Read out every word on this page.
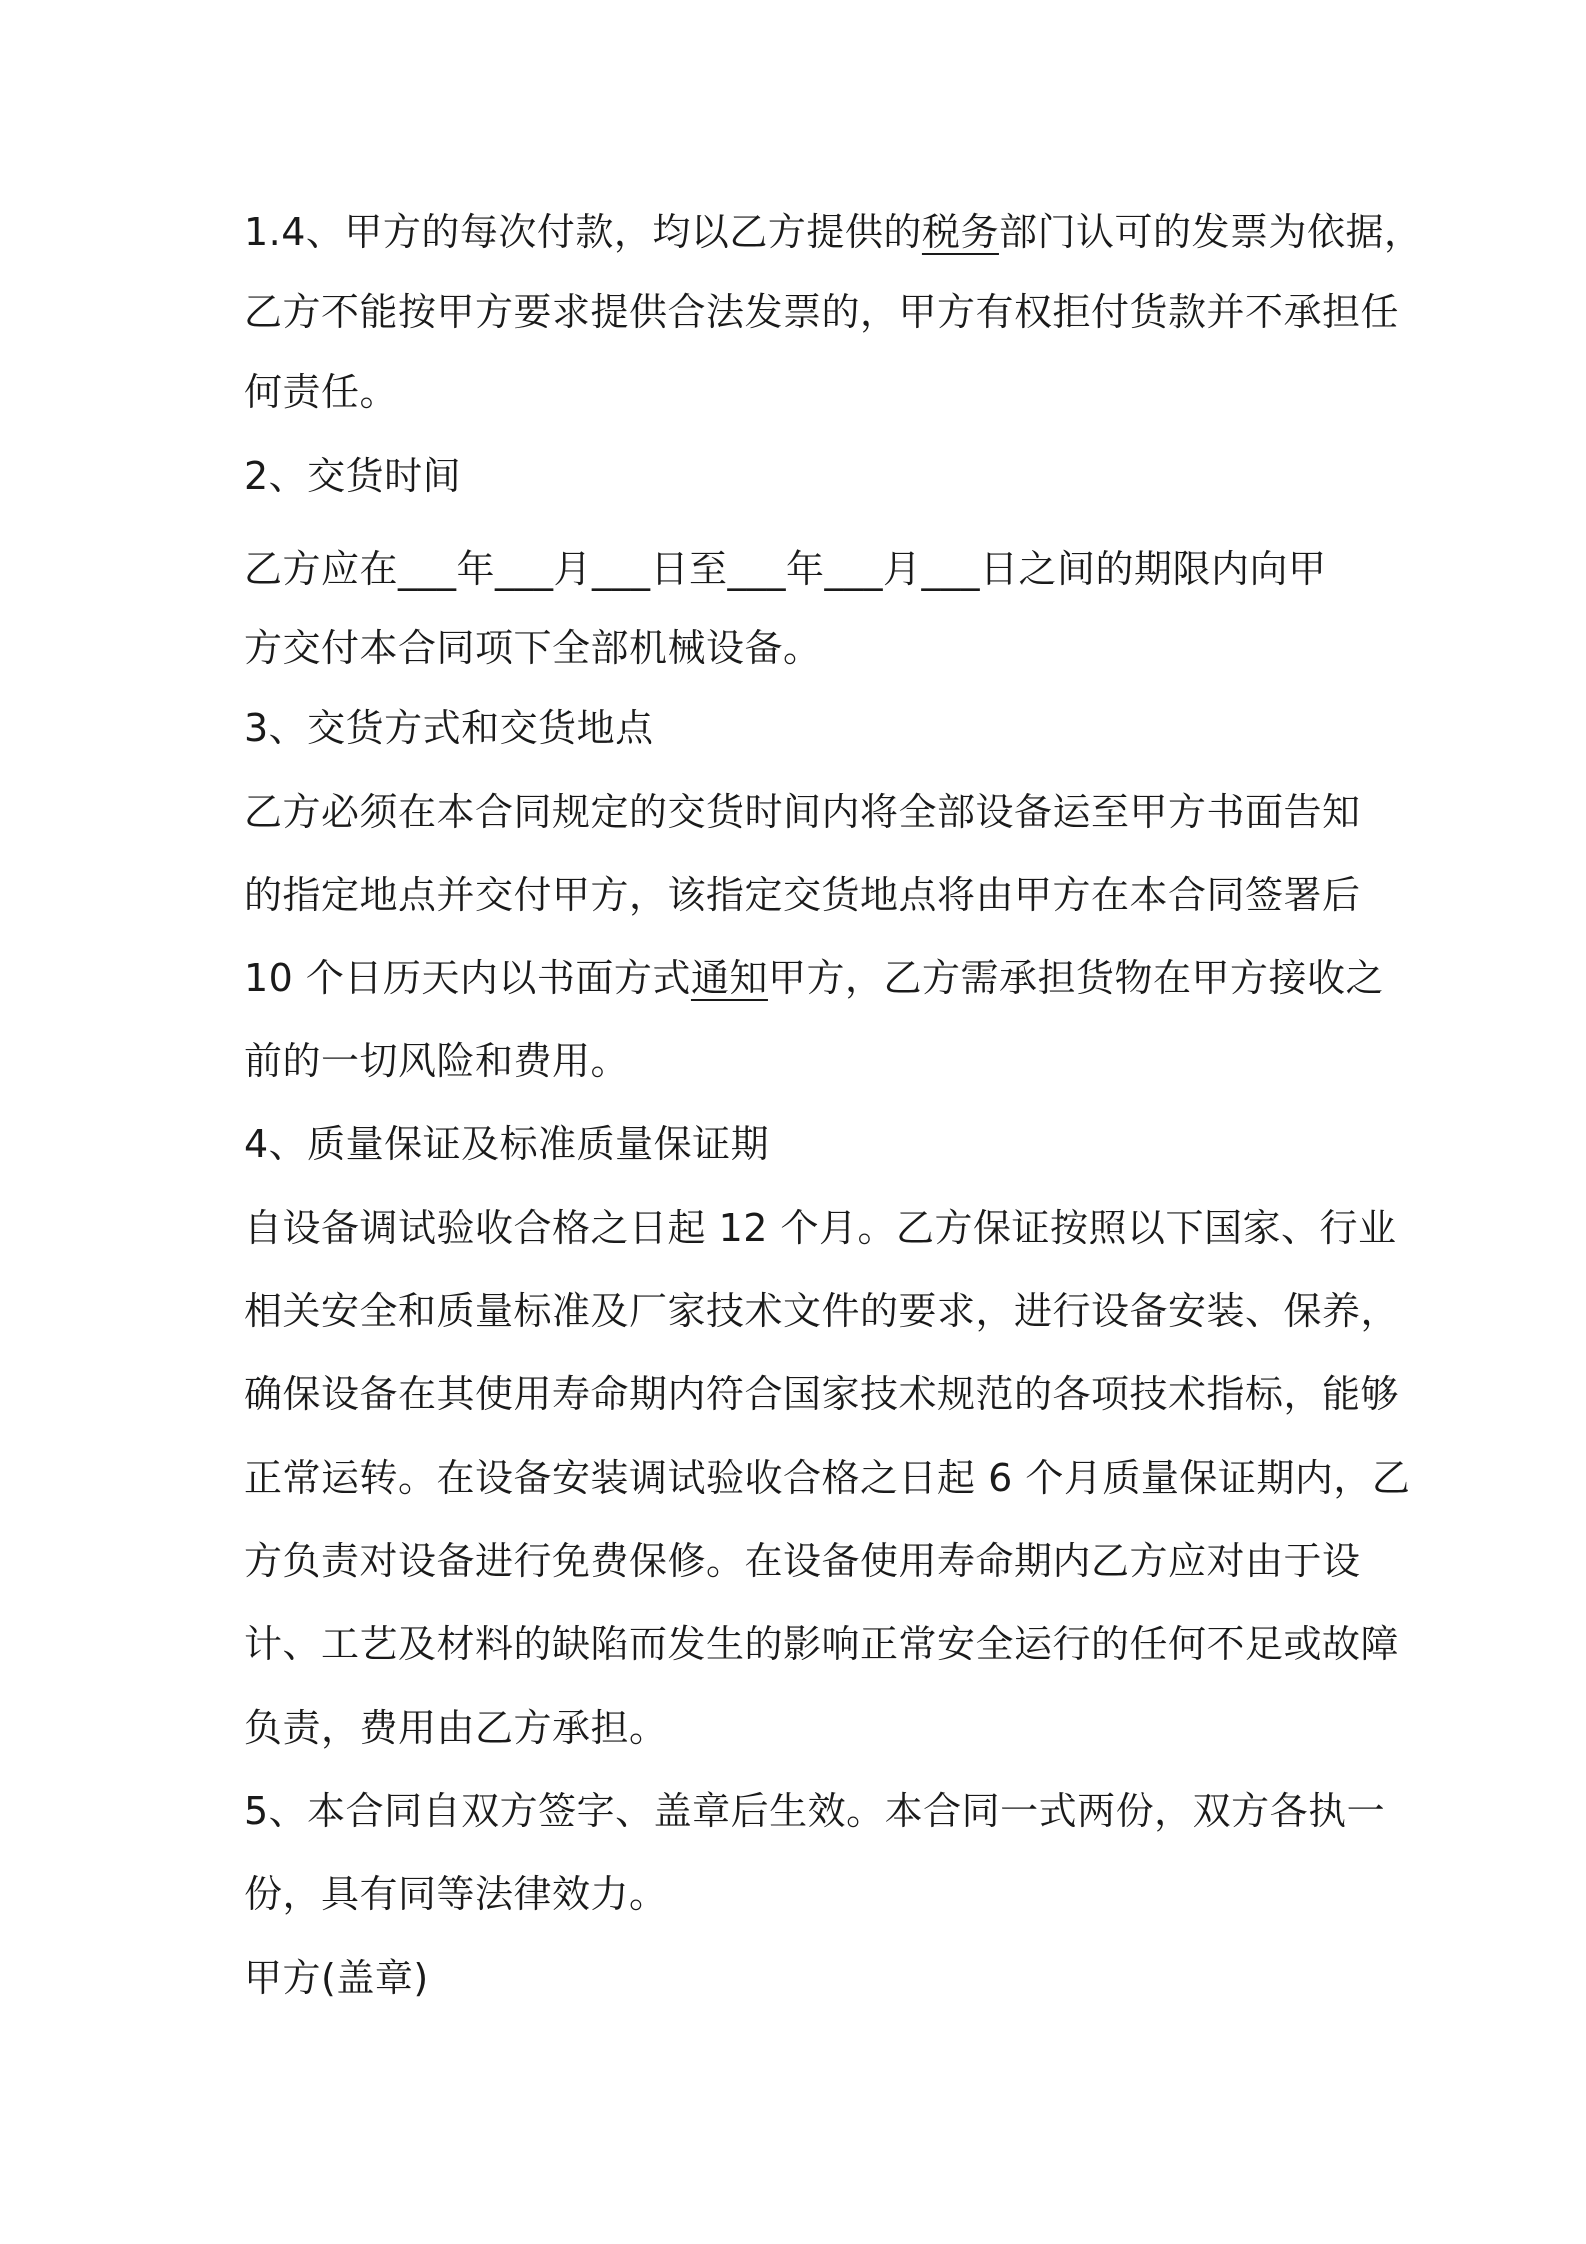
1.4、甲方的每次付款，均以乙方提供的税务部门认可的发票为依据，
乙方不能按甲方要求提供合法发票的，甲方有权拒付货款并不承担任
何责任。
2、交货时间
乙方应在___年___月___日至___年___月___日之间的期限内向甲
方交付本合同项下全部机械设备。
3、交货方式和交货地点
乙方必须在本合同规定的交货时间内将全部设备运至甲方书面告知
的指定地点并交付甲方，该指定交货地点将由甲方在本合同签署后
10 个日历天内以书面方式通知甲方，乙方需承担货物在甲方接收之
前的一切风险和费用。
4、质量保证及标准质量保证期
自设备调试验收合格之日起 12 个月。乙方保证按照以下国家、行业
相关安全和质量标准及厂家技术文件的要求，进行设备安装、保养，
确保设备在其使用寿命期内符合国家技术规范的各项技术指标，能够
正常运转。在设备安装调试验收合格之日起 6 个月质量保证期内，乙
方负责对设备进行免费保修。在设备使用寿命期内乙方应对由于设
计、工艺及材料的缺陷而发生的影响正常安全运行的任何不足或故障
负责，费用由乙方承担。
5、本合同自双方签字、盖章后生效。本合同一式两份，双方各执一
份，具有同等法律效力。
甲方(盖章)
